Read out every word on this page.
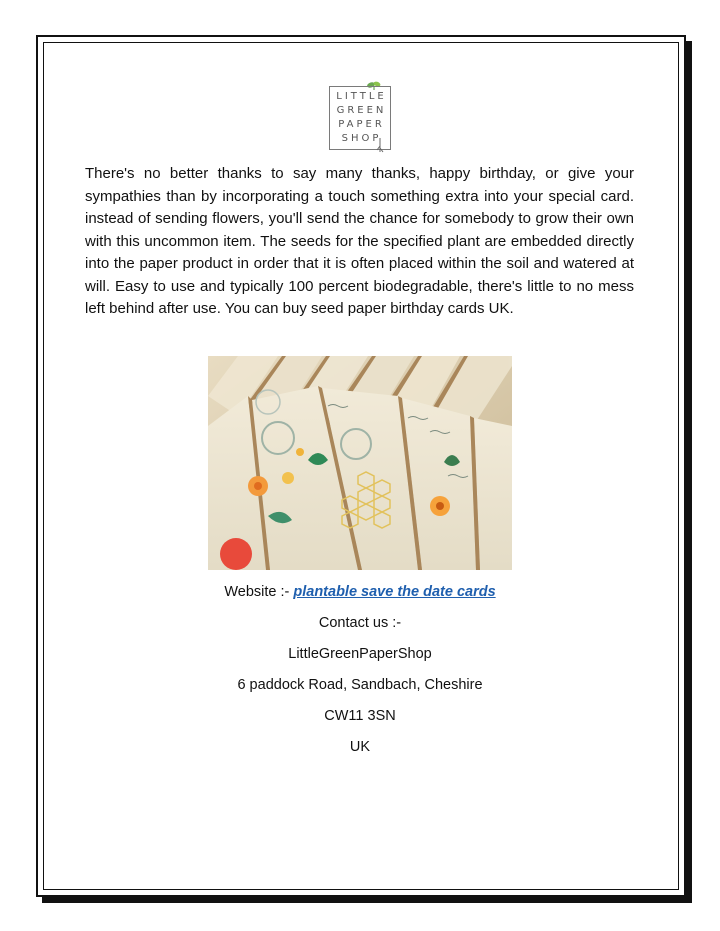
LITTLE
GREEN
PAPER
SHOP

There's no better thanks to say many thanks, happy birthday, or give your sympathies than by incorporating a touch something extra into your special card. instead of sending flowers, you'll send the chance for somebody to grow their own with this uncommon item. The seeds for the specified plant are embedded directly into the paper product in order that it is often placed within the soil and watered at will. Easy to use and typically 100 percent biodegradable, there's little to no mess left behind after use. You can buy seed paper birthday cards UK.

Website :- plantable save the date cards
Contact us :-
LittleGreenPaperShop
6 paddock Road, Sandbach, Cheshire
CW11 3SN
UK
